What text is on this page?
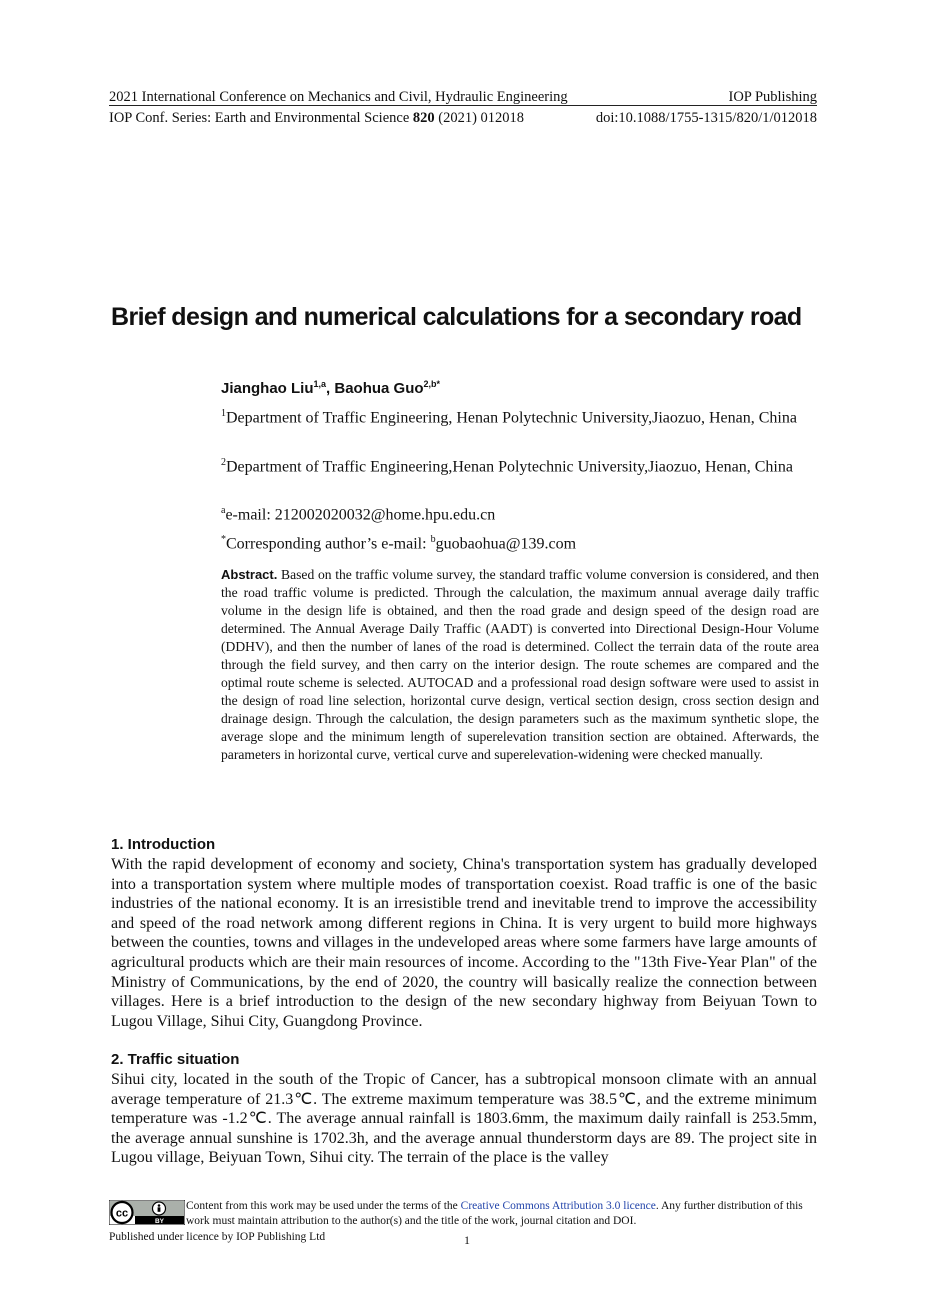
2021 International Conference on Mechanics and Civil, Hydraulic Engineering	IOP Publishing
IOP Conf. Series: Earth and Environmental Science 820 (2021) 012018	doi:10.1088/1755-1315/820/1/012018
Brief design and numerical calculations for a secondary road
Jianghao Liu$^{1,a}$, Baohua Guo$^{2,b*}$
$^1$Department of Traffic Engineering, Henan Polytechnic University,Jiaozuo, Henan, China
$^2$Department of Traffic Engineering,Henan Polytechnic University,Jiaozuo, Henan, China
$^a$e-mail: 212002020032@home.hpu.edu.cn
*Corresponding author’s e-mail: $^b$guobaohua@139.com
Abstract. Based on the traffic volume survey, the standard traffic volume conversion is considered, and then the road traffic volume is predicted. Through the calculation, the maximum annual average daily traffic volume in the design life is obtained, and then the road grade and design speed of the design road are determined. The Annual Average Daily Traffic (AADT) is converted into Directional Design-Hour Volume (DDHV), and then the number of lanes of the road is determined. Collect the terrain data of the route area through the field survey, and then carry on the interior design. The route schemes are compared and the optimal route scheme is selected. AUTOCAD and a professional road design software were used to assist in the design of road line selection, horizontal curve design, vertical section design, cross section design and drainage design. Through the calculation, the design parameters such as the maximum synthetic slope, the average slope and the minimum length of superelevation transition section are obtained. Afterwards, the parameters in horizontal curve, vertical curve and superelevation-widening were checked manually.
1. Introduction
With the rapid development of economy and society, China's transportation system has gradually developed into a transportation system where multiple modes of transportation coexist. Road traffic is one of the basic industries of the national economy. It is an irresistible trend and inevitable trend to improve the accessibility and speed of the road network among different regions in China. It is very urgent to build more highways between the counties, towns and villages in the undeveloped areas where some farmers have large amounts of agricultural products which are their main resources of income. According to the "13th Five-Year Plan" of the Ministry of Communications, by the end of 2020, the country will basically realize the connection between villages. Here is a brief introduction to the design of the new secondary highway from Beiyuan Town to Lugou Village, Sihui City, Guangdong Province.
2. Traffic situation
Sihui city, located in the south of the Tropic of Cancer, has a subtropical monsoon climate with an annual average temperature of 21.3℃. The extreme maximum temperature was 38.5℃, and the extreme minimum temperature was -1.2℃. The average annual rainfall is 1803.6mm, the maximum daily rainfall is 253.5mm, the average annual sunshine is 1702.3h, and the average annual thunderstorm days are 89. The project site in Lugou village, Beiyuan Town, Sihui city. The terrain of the place is the valley
cc
BY
Content from this work may be used under the terms of the Creative Commons Attribution 3.0 licence. Any further distribution of this work must maintain attribution to the author(s) and the title of the work, journal citation and DOI.
Published under licence by IOP Publishing Ltd	1
